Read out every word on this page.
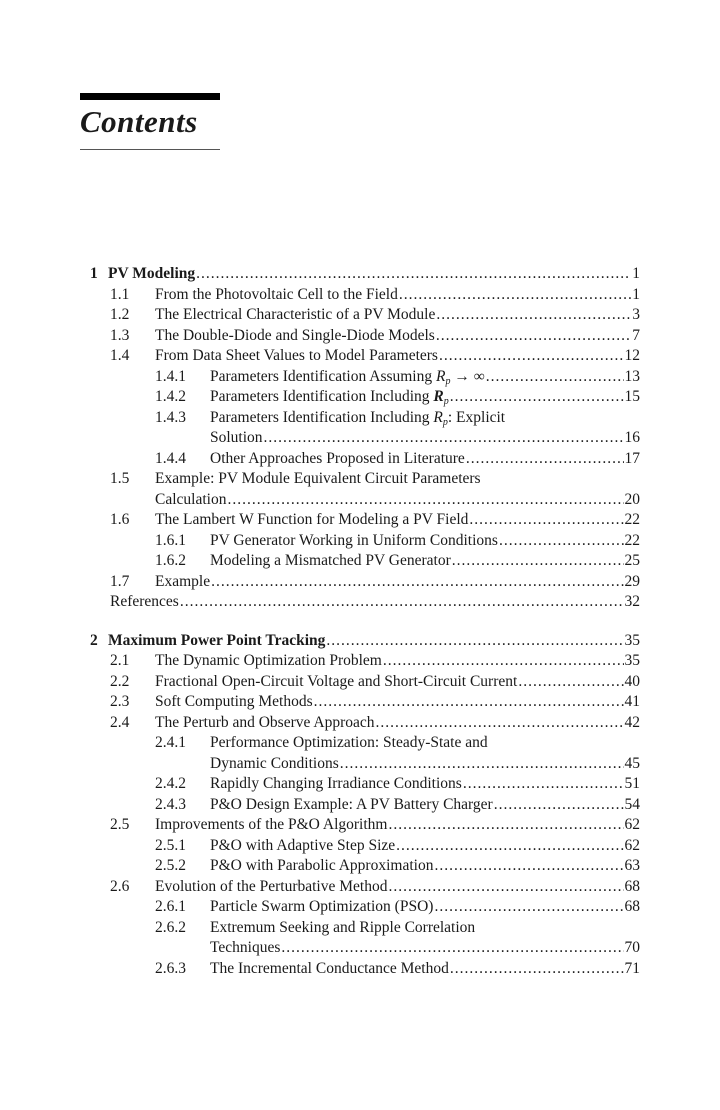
Contents
1 PV Modeling .....	1
1.1 From the Photovoltaic Cell to the Field .....	1
1.2 The Electrical Characteristic of a PV Module .....	3
1.3 The Double-Diode and Single-Diode Models .....	7
1.4 From Data Sheet Values to Model Parameters .....	12
1.4.1 Parameters Identification Assuming $R_p$ → ∞ .....	13
1.4.2 Parameters Identification Including $R_p$ .....	15
1.4.3 Parameters Identification Including $R_p$: Explicit
Solution .....	16
1.4.4 Other Approaches Proposed in Literature .....	17
1.5 Example: PV Module Equivalent Circuit Parameters
Calculation .....	20
1.6 The Lambert W Function for Modeling a PV Field .....	22
1.6.1 PV Generator Working in Uniform Conditions .....	22
1.6.2 Modeling a Mismatched PV Generator .....	25
1.7 Example .....	29
References .....	32
2 Maximum Power Point Tracking .....	35
2.1 The Dynamic Optimization Problem .....	35
2.2 Fractional Open-Circuit Voltage and Short-Circuit Current .....	40
2.3 Soft Computing Methods .....	41
2.4 The Perturb and Observe Approach .....	42
2.4.1 Performance Optimization: Steady-State and
Dynamic Conditions .....	45
2.4.2 Rapidly Changing Irradiance Conditions .....	51
2.4.3 P&O Design Example: A PV Battery Charger .....	54
2.5 Improvements of the P&O Algorithm .....	62
2.5.1 P&O with Adaptive Step Size .....	62
2.5.2 P&O with Parabolic Approximation .....	63
2.6 Evolution of the Perturbative Method .....	68
2.6.1 Particle Swarm Optimization (PSO) .....	68
2.6.2 Extremum Seeking and Ripple Correlation
Techniques .....	70
2.6.3 The Incremental Conductance Method .....	71
